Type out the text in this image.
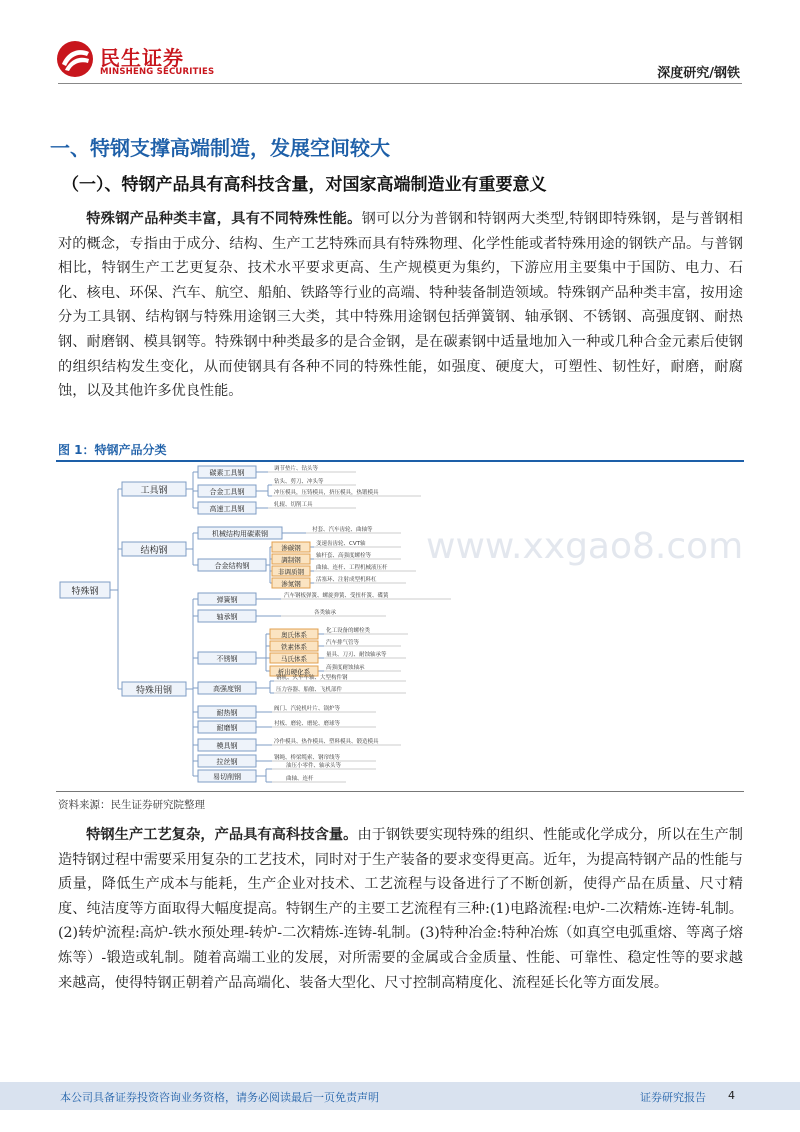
民生证券
MINSHENG SECURITIES	深度研究/钢铁
一、特钢支撑高端制造，发展空间较大
（一）、特钢产品具有高科技含量，对国家高端制造业有重要意义
特殊钢产品种类丰富，具有不同特殊性能。钢可以分为普钢和特钢两大类型,特钢即特殊钢，是与普钢相对的概念，专指由于成分、结构、生产工艺特殊而具有特殊物理、化学性能或者特殊用途的钢铁产品。与普钢相比，特钢生产工艺更复杂、技术水平要求更高、生产规模更为集约，下游应用主要集中于国防、电力、石化、核电、环保、汽车、航空、船舶、铁路等行业的高端、特种装备制造领域。特殊钢产品种类丰富，按用途分为工具钢、结构钢与特殊用途钢三大类，其中特殊用途钢包括弹簧钢、轴承钢、不锈钢、高强度钢、耐热钢、耐磨钢、模具钢等。特殊钢中种类最多的是合金钢，是在碳素钢中适量地加入一种或几种合金元素后使钢的组织结构发生变化，从而使钢具有各种不同的特殊性能，如强度、硬度大，可塑性、韧性好，耐磨，耐腐蚀，以及其他许多优良性能。
图 1：特钢产品分类
www.xxgao8.com
特殊钢
工具钢
结构钢
特殊用钢
碳素工具钢
合金工具钢
高速工具钢
调节垫片、钻头等
钻头、剪刀、冲头等
冲压模具，压铸模具，挤压模具，热锻模具
轧辊、切削工具
机械结构用碳素钢
合金结构钢
渗碳钢
調制钢
非调质钢
渗氮钢
衬套、汽车齿轮、曲轴等
变速齿齿轮、CVT轴
轴杆套、高强度螺栓等
曲轴、连杆、工程机械液压杆
活塞环、注射成型机料杠
弹簧钢
轴承钢
不锈钢
高强度钢
耐热钢
耐磨钢
模具钢
拉丝钢
易切削钢
奥氏体系
铁素体系
马氏体系
析出硬化系
汽车钢板弹簧、螺旋弹簧、受扭杆簧、碟簧
各类轴承
化工设备的螺栓类
汽车排气管等
量具、刀刃、耐蚀轴承等
高强度耐蚀轴承
钢轨、火车车轴、大型构件钢
压力容器、船舶、飞机部件
阀门、汽轮机叶片、锅炉等
衬板、磨轮、磨轮、磨球等
冷作模具、热作模具、塑料模具、锻造模具
钢绳、桥梁缆索、钢帘线等
油压小零件、轴承头等
曲轴、连杆
资料来源：民生证券研究院整理
特钢生产工艺复杂，产品具有高科技含量。由于钢铁要实现特殊的组织、性能或化学成分，所以在生产制造特钢过程中需要采用复杂的工艺技术，同时对于生产装备的要求变得更高。近年，为提高特钢产品的性能与质量，降低生产成本与能耗，生产企业对技术、工艺流程与设备进行了不断创新，使得产品在质量、尺寸精度、纯洁度等方面取得大幅度提高。特钢生产的主要工艺流程有三种:(1)电路流程:电炉-二次精炼-连铸-轧制。(2)转炉流程:高炉-铁水预处理-转炉-二次精炼-连铸-轧制。(3)特种冶金:特种冶炼（如真空电弧重熔、等离子熔炼等）-锻造或轧制。随着高端工业的发展，对所需要的金属或合金质量、性能、可靠性、稳定性等的要求越来越高，使得特钢正朝着产品高端化、装备大型化、尺寸控制高精度化、流程延长化等方面发展。
本公司具备证券投资咨询业务资格，请务必阅读最后一页免责声明	证券研究报告 4
